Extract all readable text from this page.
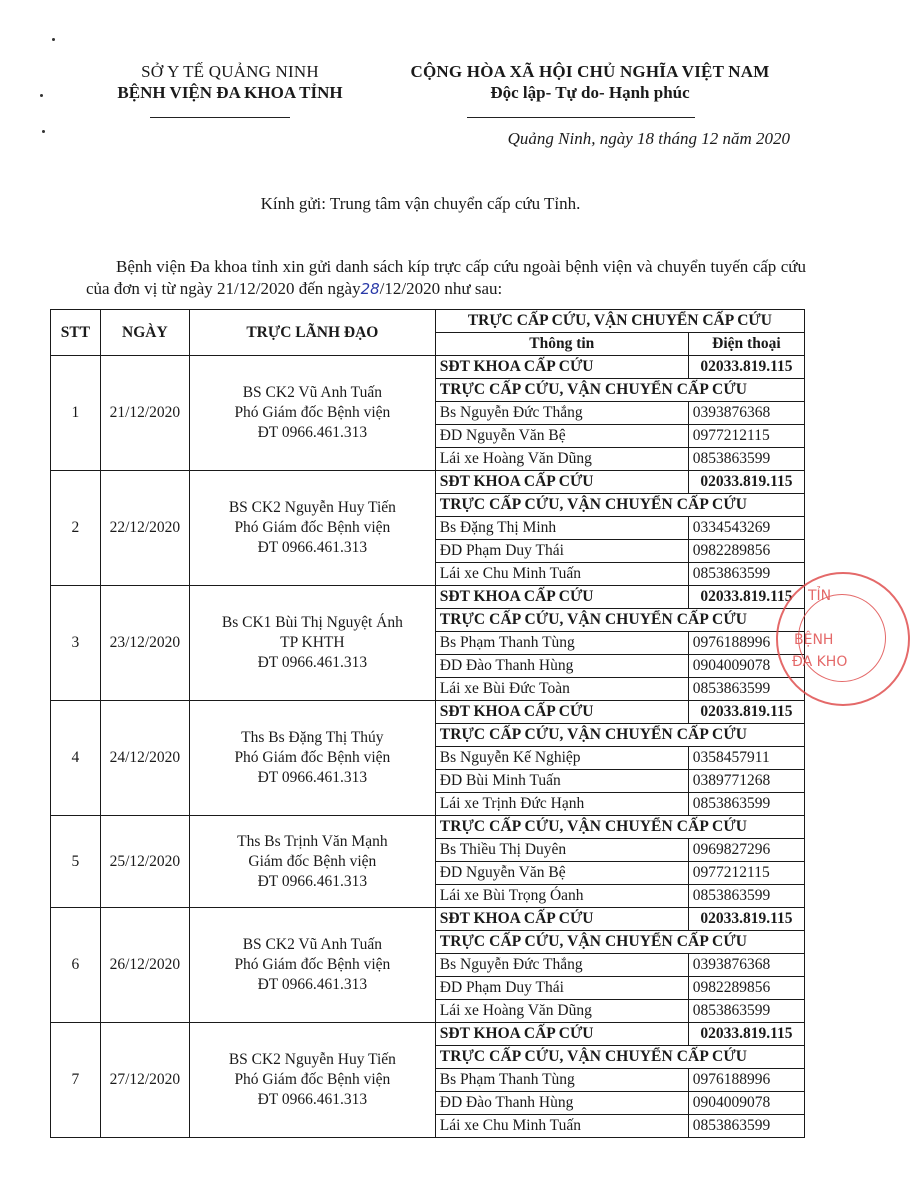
SỞ Y TẾ QUẢNG NINH
BỆNH VIỆN ĐA KHOA TỈNH
CỘNG HÒA XÃ HỘI CHỦ NGHĨA VIỆT NAM
Độc lập- Tự do- Hạnh phúc
Quảng Ninh, ngày 18 tháng 12 năm 2020
Kính gửi: Trung tâm vận chuyển cấp cứu Tỉnh.
Bệnh viện Đa khoa tỉnh xin gửi danh sách kíp trực cấp cứu ngoài bệnh viện và chuyển tuyến cấp cứu của đơn vị từ ngày 21/12/2020 đến ngày28/12/2020 như sau:
STT	NGÀY	TRỰC LÃNH ĐẠO	TRỰC CẤP CỨU, VẬN CHUYỂN CẤP CỨU	
			Thông tin	Điện thoại
1	21/12/2020	BS CK2 Vũ Anh Tuấn
Phó Giám đốc Bệnh viện
ĐT 0966.461.313	SĐT KHOA CẤP CỨU	02033.819.115
			TRỰC CẤP CỨU, VẬN CHUYỂN CẤP CỨU	
			Bs Nguyễn Đức Thắng	0393876368
			ĐD Nguyễn Văn Bệ	0977212115
			Lái xe Hoàng Văn Dũng	0853863599
2	22/12/2020	BS CK2 Nguyễn Huy Tiến
Phó Giám đốc Bệnh viện
ĐT 0966.461.313	SĐT KHOA CẤP CỨU	02033.819.115
			TRỰC CẤP CỨU, VẬN CHUYỂN CẤP CỨU	
			Bs Đặng Thị Minh	0334543269
			ĐD Phạm Duy Thái	0982289856
			Lái xe Chu Minh Tuấn	0853863599
3	23/12/2020	Bs CK1 Bùi Thị Nguyệt Ánh
TP KHTH
ĐT 0966.461.313	SĐT KHOA CẤP CỨU	02033.819.115
			TRỰC CẤP CỨU, VẬN CHUYỂN CẤP CỨU	
			Bs Phạm Thanh Tùng	0976188996
			ĐD Đào Thanh Hùng	0904009078
			Lái xe Bùi Đức Toàn	0853863599
4	24/12/2020	Ths Bs Đặng Thị Thúy
Phó Giám đốc Bệnh viện
ĐT 0966.461.313	SĐT KHOA CẤP CỨU	02033.819.115
			TRỰC CẤP CỨU, VẬN CHUYỂN CẤP CỨU	
			Bs Nguyễn Kế Nghiệp	0358457911
			ĐD Bùi Minh Tuấn	0389771268
			Lái xe Trịnh Đức Hạnh	0853863599
5	25/12/2020	Ths Bs Trịnh Văn Mạnh
Giám đốc Bệnh viện
ĐT 0966.461.313	TRỰC CẤP CỨU, VẬN CHUYỂN CẤP CỨU	
			Bs Thiều Thị Duyên	0969827296
			ĐD Nguyễn Văn Bệ	0977212115
			Lái xe Bùi Trọng Óanh	0853863599
6	26/12/2020	BS CK2 Vũ Anh Tuấn
Phó Giám đốc Bệnh viện
ĐT 0966.461.313	SĐT KHOA CẤP CỨU	02033.819.115
			TRỰC CẤP CỨU, VẬN CHUYỂN CẤP CỨU	
			Bs Nguyễn Đức Thắng	0393876368
			ĐD Phạm Duy Thái	0982289856
			Lái xe Hoàng Văn Dũng	0853863599
7	27/12/2020	BS CK2 Nguyễn Huy Tiến
Phó Giám đốc Bệnh viện
ĐT 0966.461.313	SĐT KHOA CẤP CỨU	02033.819.115
			TRỰC CẤP CỨU, VẬN CHUYỂN CẤP CỨU	
			Bs Phạm Thanh Tùng	0976188996
			ĐD Đào Thanh Hùng	0904009078
			Lái xe Chu Minh Tuấn	0853863599
TỈN
BỆNH
ĐA KHO
